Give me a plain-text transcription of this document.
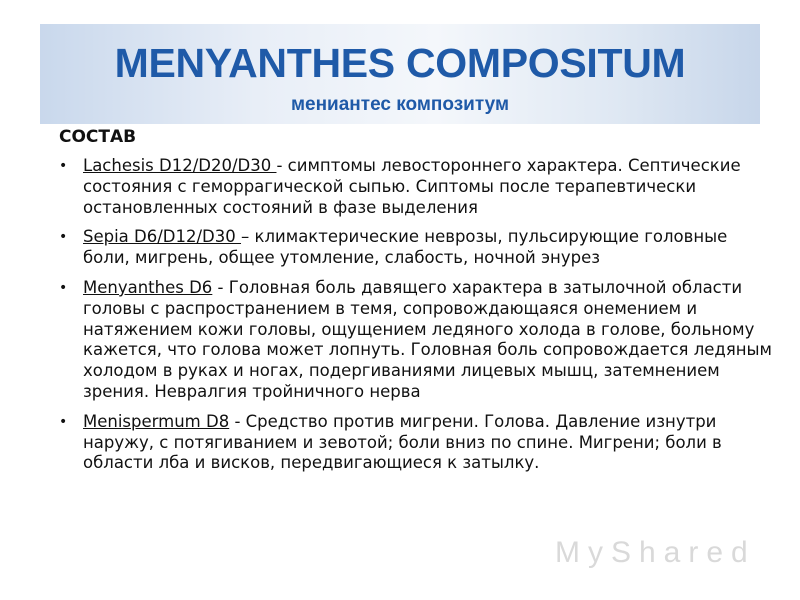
MENYANTHES COMPOSITUM
мениантес композитум
СОСТАВ
• Lachesis D12/D20/D30 - симптомы левостороннего характера. Септические состояния с геморрагической сыпью. Сиптомы после терапевтически остановленных состояний в фазе выделения
• Sepia D6/D12/D30 – климактерические неврозы, пульсирующие головные боли, мигрень, общее утомление, слабость, ночной энурез
• Menyanthes D6 - Головная боль давящего характера в затылочной области головы с распространением в темя, сопровождающаяся онемением и натяжением кожи головы, ощущением ледяного холода в голове, больному кажется, что голова может лопнуть. Головная боль сопровождается ледяным холодом в руках и ногах, подергиваниями лицевых мышц, затемнением зрения. Невралгия тройничного нерва
• Menispermum D8 - Средство против мигрени. Голова. Давление изнутри наружу, с потягиванием и зевотой; боли вниз по спине. Мигрени; боли в области лба и висков, передвигающиеся к затылку.
MyShared
